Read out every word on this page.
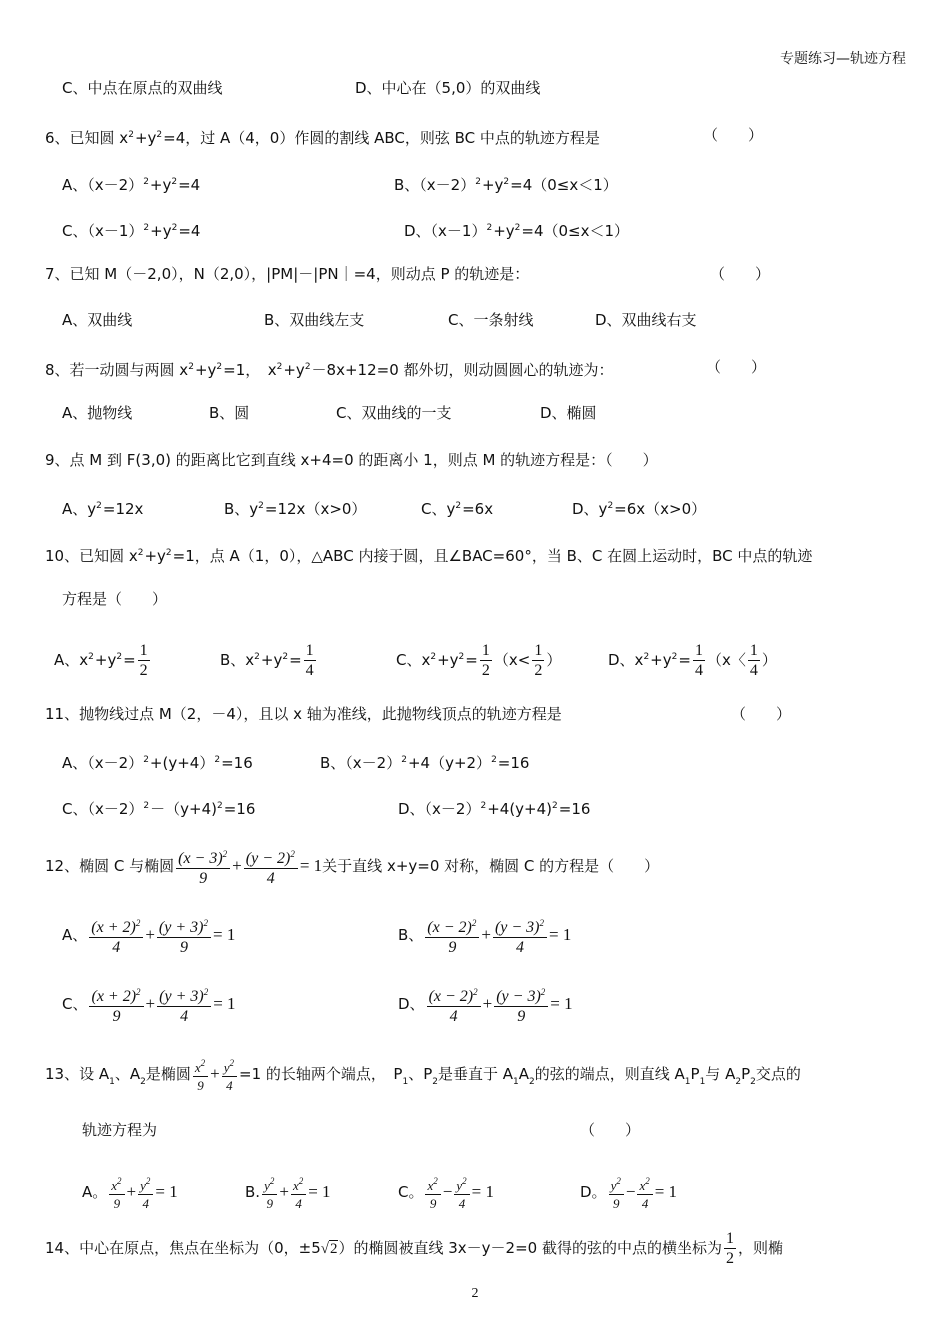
专题练习—轨迹方程
C、中点在原点的双曲线	D、中心在（5,0）的双曲线
6、已知圆 $x^2+y^2=4$，过 A（4，0）作圆的割线 ABC，则弦 BC 中点的轨迹方程是	（　　）
A、$(x-2)^2+y^2=4$	B、$(x-2)^2+y^2=4(0\le x<1)$
C、$(x-1)^2+y^2=4$	D、$(x-1)^2+y^2=4(0\le x<1)$
7、已知 M（－2,0），N（2,0），|PM|－|PN｜=4，则动点 P 的轨迹是：	（　　）
A、双曲线	B、双曲线左支	C、一条射线	D、双曲线右支
8、若一动圆与两圆 $x^2+y^2=1$，　$x^2+y^2-8x+12=0$ 都外切，则动圆圆心的轨迹为：	（　　）
A、抛物线	B、圆	C、双曲线的一支	D、椭圆
9、点 M 到 F(3,0) 的距离比它到直线 x+4=0 的距离小 1，则点 M 的轨迹方程是：（　　）
A、$y^2=12x$	B、$y^2=12x(x>0)$	C、$y^2=6x$	D、$y^2=6x(x>0)$
10、已知圆 $x^2+y^2=1$，点 A（1，0），△ABC 内接于圆，且∠BAC=60°，当 B、C 在圆上运动时，BC 中点的轨迹
方程是（　　）
A、$x^2+y^2= \frac{1}{2}$	B、$x^2+y^2= \frac{1}{4}$	C、$x^2+y^2= \frac{1}{2} (x< \frac{1}{2}$ ）	D、$x^2+y^2= \frac{1}{4} (x$〈 $\frac{1}{4}$ ）
11、抛物线过点 M（2，－4），且以 x 轴为准线，此抛物线顶点的轨迹方程是	（　　）
A、$(x-2)^2+(y+4)^2=16$	B、$(x-2)^2+4(y+2)^2=16$
C、$(x-2)^2-(y+4)^2=16$	D、$(x-2)^2+4(y+4)^2=16$
12、椭圆 C 与椭圆 $\frac{(x - 3)^2}{9} + \frac{(y - 2)^2}{4} = 1$关于直线 x+y=0 对称，椭圆 C 的方程是（　　）
A、 $\frac{(x + 2)^2}{4} + \frac{(y + 3)^2}{9} = 1$	B、 $\frac{(x - 2)^2}{9} + \frac{(y - 3)^2}{4} = 1$
C、 $\frac{(x + 2)^2}{9} + \frac{(y + 3)^2}{4} = 1$	D、 $\frac{(x - 2)^2}{4} + \frac{(y - 3)^2}{9} = 1$
13、设 $A_1$、$A_2$是椭圆 $\frac{x^2}{9} + \frac{y^2}{4} =1$ 的长轴两个端点，　$P_1$、$P_2$是垂直于 $A_1A_2$的弦的端点，则直线 $A_1P_1$与 $A_2P_2$交点的
轨迹方程为	（　　）
A。 $\frac{x^2}{9} + \frac{y^2}{4} = 1$	B. $\frac{y^2}{9} + \frac{x^2}{4} = 1$	C。 $\frac{x^2}{9} - \frac{y^2}{4} = 1$	D。 $\frac{y^2}{9} - \frac{x^2}{4} = 1$
14、中心在原点，焦点在坐标为（0，±5√2）的椭圆被直线 3x－y－2=0 截得的弦的中点的横坐标为 $\frac{1}{2}$ ，则椭
2
